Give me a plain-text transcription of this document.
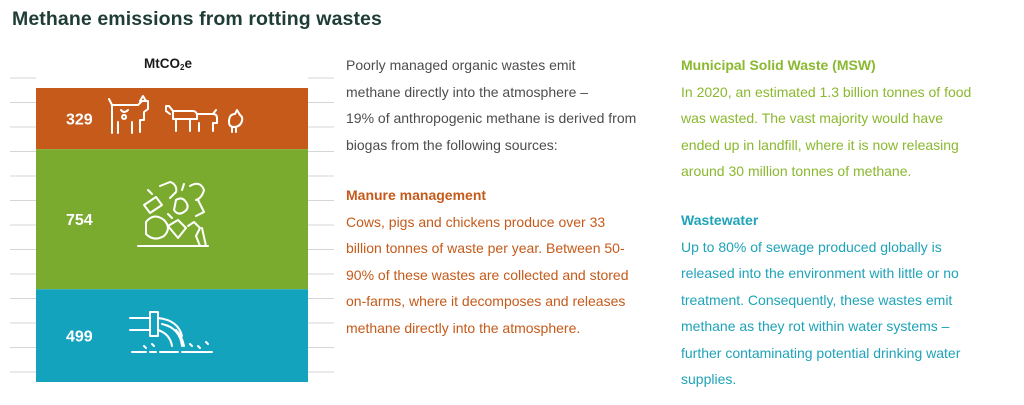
Methane emissions from rotting wastes
MtCO$_2$e
329
754
499

Poorly managed organic wastes emit

methane directly into the atmosphere –

19% of anthropogenic methane is derived from

biogas from the following sources:

Manure management

Cows, pigs and chickens produce over 33

billion tonnes of waste per year. Between 50-

90% of these wastes are collected and stored

on-farms, where it decomposes and releases

methane directly into the atmosphere.

Municipal Solid Waste (MSW)

In 2020, an estimated 1.3 billion tonnes of food

was wasted. The vast majority would have

ended up in landfill, where it is now releasing

around 30 million tonnes of methane.

Wastewater

Up to 80% of sewage produced globally is

released into the environment with little or no

treatment. Consequently, these wastes emit

methane as they rot within water systems –

further contaminating potential drinking water

supplies.
